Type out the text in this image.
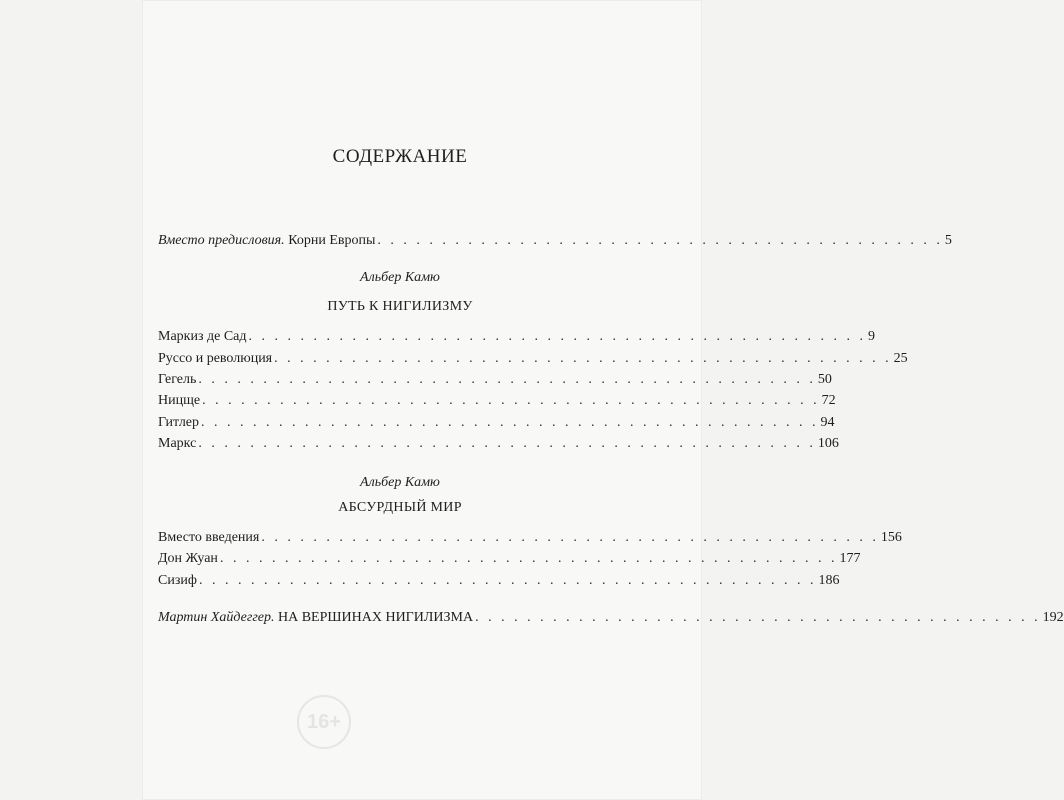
СОДЕРЖАНИЕ
Вместо предисловия. Корни Европы . . . . . . . . . . . . . . . . . . . . . . . . . . . . . . . . . . . . . . . . . . . . 5
Альбер Камю
ПУТЬ К НИГИЛИЗМУ
Маркиз де Сад . . . . . . . . . . . . . . . . . . . . . . . . . . . . . . . . . . . . . . . . . . . . . . . . 9
Руссо и революция . . . . . . . . . . . . . . . . . . . . . . . . . . . . . . . . . . . . . . . . . . . . . . . . 25
Гегель . . . . . . . . . . . . . . . . . . . . . . . . . . . . . . . . . . . . . . . . . . . . . . . . 50
Ницще . . . . . . . . . . . . . . . . . . . . . . . . . . . . . . . . . . . . . . . . . . . . . . . . 72
Гитлер . . . . . . . . . . . . . . . . . . . . . . . . . . . . . . . . . . . . . . . . . . . . . . . . 94
Маркс . . . . . . . . . . . . . . . . . . . . . . . . . . . . . . . . . . . . . . . . . . . . . . . . 106
Альбер Камю
АБСУРДНЫЙ МИР
Вместо введения . . . . . . . . . . . . . . . . . . . . . . . . . . . . . . . . . . . . . . . . . . . . . . . . 156
Дон Жуан . . . . . . . . . . . . . . . . . . . . . . . . . . . . . . . . . . . . . . . . . . . . . . . . 177
Сизиф . . . . . . . . . . . . . . . . . . . . . . . . . . . . . . . . . . . . . . . . . . . . . . . . 186
Мартин Хайдеггер. НА ВЕРШИНАХ НИГИЛИЗМА . . . . . . . . . . . . . . . . . . . . . . . . . . . . . . . . . . . . . . . . . . . . 192
16+
